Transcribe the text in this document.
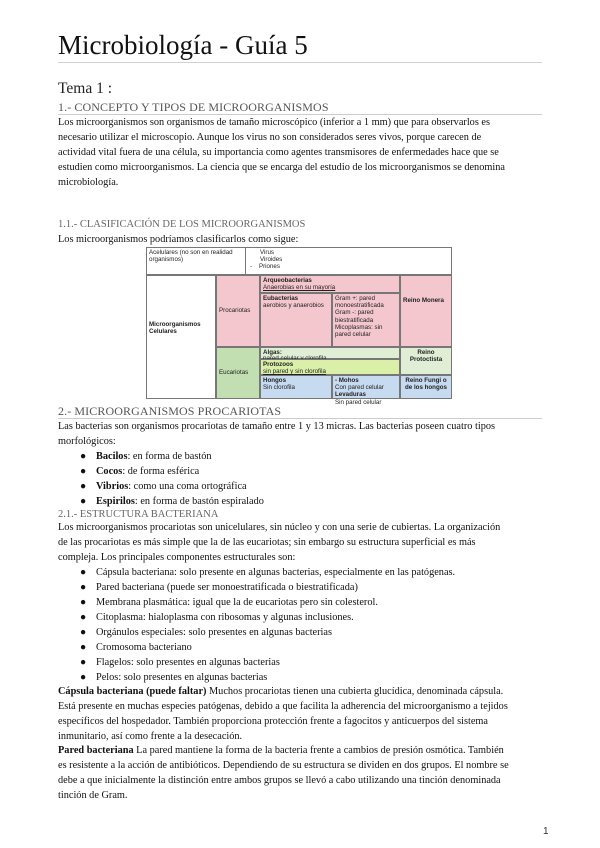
Microbiología - Guía 5
Tema 1 :
1.- CONCEPTO Y TIPOS DE MICROORGANISMOS
Los microorganismos son organismos de tamaño microscópico (inferior a 1 mm) que para observarlos es
necesario utilizar el microscopio. Aunque los virus no son considerados seres vivos, porque carecen de
actividad vital fuera de una célula, su importancia como agentes transmisores de enfermedades hace que se
estudien como microorganismos. La ciencia que se encarga del estudio de los microorganismos se denomina
microbiología.
1.1.- CLASIFICACIÓN DE LOS MICROORGANISMOS
Los microorganismos podríamos clasificarlos como sigue:
Acelulares (no son en realidad organismos)
Virus
Viroides
-    Priones
Microorganismos Celulares
Procariotas
Arqueobacterias
Anaerobias en su mayoría
Eubacterias
aerobios y anaerobios
Gram +: pared monoestratificada
Gram -: pared biestratificada
Micoplasmas: sin pared celular
Reino Monera
Eucariotas
Algas:
Protozoos
sin pared y sin clorofila
Reino Protoctista
Hongos
Sin clorofila
- Mohos
Con pared celular
Levaduras
Sin pared celular
Reino Fungi o de los hongos
2.- MICROORGANISMOS PROCARIOTAS
Las bacterias son organismos procariotas de tamaño entre 1 y 13 micras. Las bacterias poseen cuatro tipos
morfológicos:
● Bacilos: en forma de bastón
● Cocos: de forma esférica
● Vibrios: como una coma ortográfica
● Espirilos: en forma de bastón espiralado
2.1.- ESTRUCTURA BACTERIANA
Los microorganismos procariotas son unicelulares, sin núcleo y con una serie de cubiertas. La organización
de las procariotas es más simple que la de las eucariotas; sin embargo su estructura superficial es más
compleja. Los principales componentes estructurales son:
● Cápsula bacteriana: solo presente en algunas bacterias, especialmente en las patógenas.
● Pared bacteriana (puede ser monoestratificada o biestratificada)
● Membrana plasmática: igual que la de eucariotas pero sin colesterol.
● Citoplasma: hialoplasma con ribosomas y algunas inclusiones.
● Orgánulos especiales: solo presentes en algunas bacterias
● Cromosoma bacteriano
● Flagelos: solo presentes en algunas bacterias
● Pelos: solo presentes en algunas bacterias
Cápsula bacteriana (puede faltar) Muchos procariotas tienen una cubierta glucídica, denominada cápsula.
Está presente en muchas especies patógenas, debido a que facilita la adherencia del microorganismo a tejidos
específicos del hospedador. También proporciona protección frente a fagocitos y anticuerpos del sistema
inmunitario, así como frente a la desecación.
Pared bacteriana La pared mantiene la forma de la bacteria frente a cambios de presión osmótica. También
es resistente a la acción de antibióticos. Dependiendo de su estructura se dividen en dos grupos. El nombre se
debe a que inicialmente la distinción entre ambos grupos se llevó a cabo utilizando una tinción denominada
tinción de Gram.
1
